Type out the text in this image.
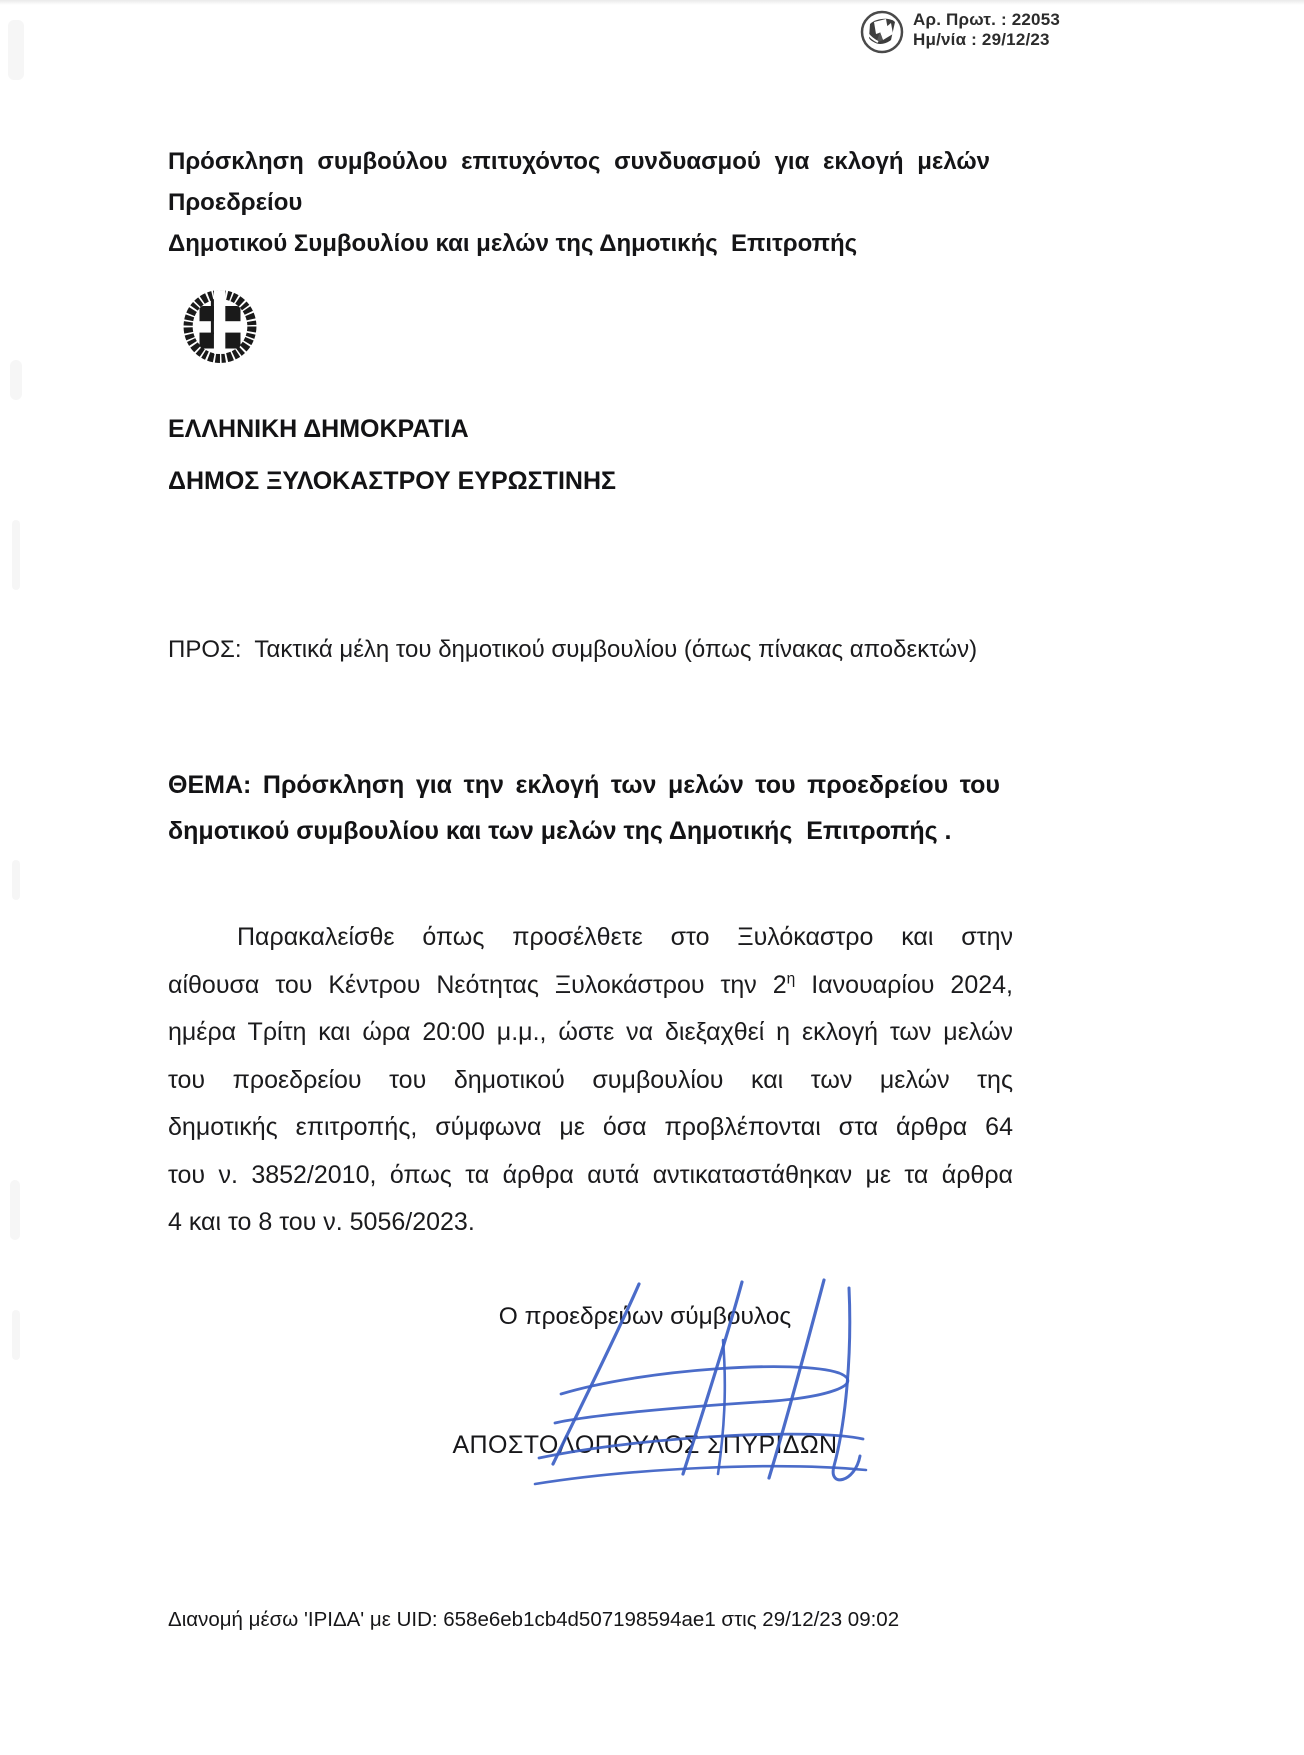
Αρ. Πρωτ. : 22053
Ημ/νία : 29/12/23
Πρόσκληση συμβούλου επιτυχόντος συνδυασμού για εκλογή μελών Προεδρείου
Δημοτικού Συμβουλίου και μελών της Δημοτικής  Επιτροπής
ΕΛΛΗΝΙΚΗ ΔΗΜΟΚΡΑΤΙΑ
ΔΗΜΟΣ ΞΥΛΟΚΑΣΤΡΟΥ ΕΥΡΩΣΤΙΝΗΣ
ΠΡΟΣ:  Τακτικά μέλη του δημοτικού συμβουλίου (όπως πίνακας αποδεκτών)
ΘΕΜΑ: Πρόσκληση για την εκλογή των μελών του προεδρείου του
δημοτικού συμβουλίου και των μελών της Δημοτικής  Επιτροπής .
Παρακαλείσθε όπως προσέλθετε στο Ξυλόκαστρο και στην
αίθουσα του Κέντρου Νεότητας Ξυλοκάστρου την $2^\eta$ Ιανουαρίου 2024,
ημέρα Τρίτη και ώρα 20:00 μ.μ., ώστε να διεξαχθεί η εκλογή των μελών
του προεδρείου του δημοτικού συμβουλίου και των μελών της
δημοτικής επιτροπής, σύμφωνα με όσα προβλέπονται στα άρθρα 64
του ν. 3852/2010, όπως τα άρθρα αυτά αντικαταστάθηκαν με τα άρθρα
4 και το 8 του ν. 5056/2023.
Ο προεδρεύων σύμβουλος
ΑΠΟΣΤΟΛΟΠΟΥΛΟΣ ΣΠΥΡΙΔΩΝ
Διανομή μέσω 'ΙΡΙΔΑ' με UID: 658e6eb1cb4d507198594ae1 στις 29/12/23 09:02
